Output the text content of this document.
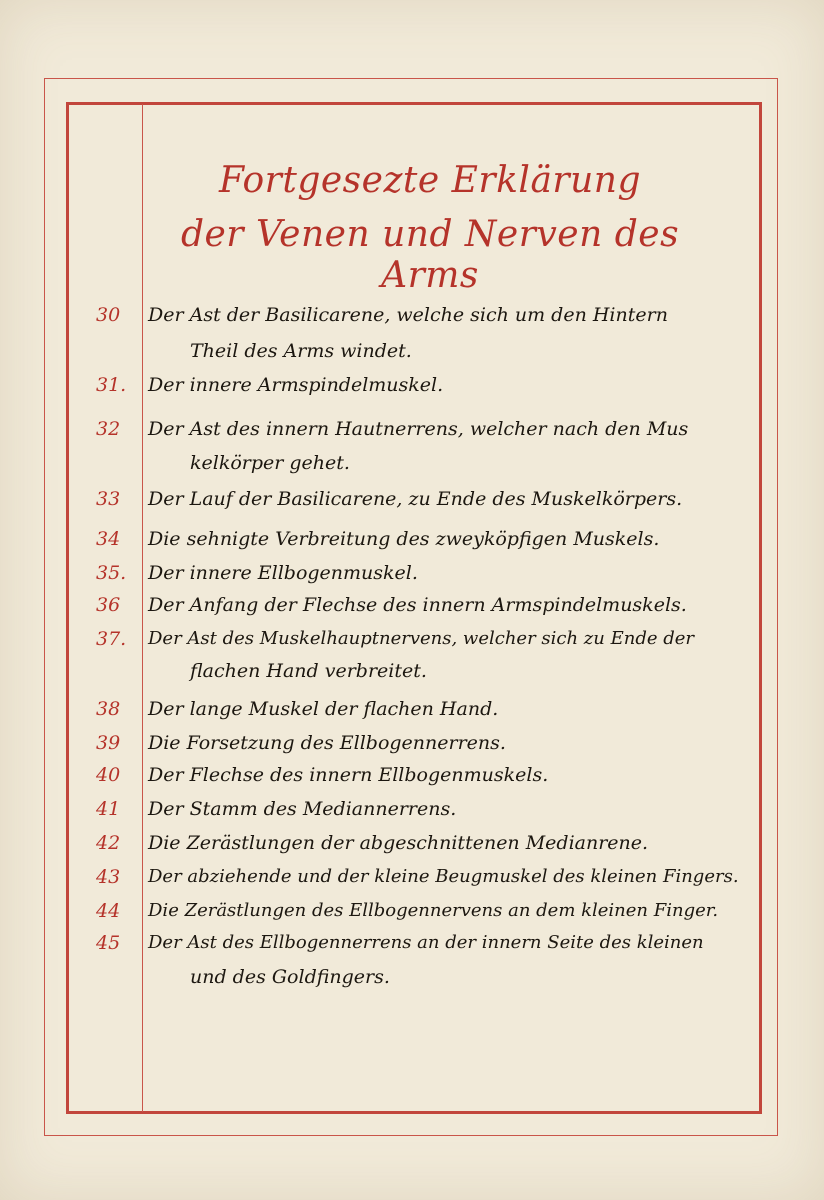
Fortgesezte Erklärung
der Venen und Nerven des Arms
30	Der Ast der Basilicarene, welche sich um den Hintern
Theil des Arms windet.
31.	Der innere Armspindelmuskel.
32	Der Ast des innern Hautnerrens, welcher nach den Mus
kelkörper gehet.
33	Der Lauf der Basilicarene, zu Ende des Muskelkörpers.
34	Die sehnigte Verbreitung des zweyköpfigen Muskels.
35.	Der innere Ellbogenmuskel.
36	Der Anfang der Flechse des innern Armspindelmuskels.
37.	Der Ast des Muskelhauptnervens, welcher sich zu Ende der
flachen Hand verbreitet.
38	Der lange Muskel der flachen Hand.
39	Die Forsetzung des Ellbogennerrens.
40	Der Flechse des innern Ellbogenmuskels.
41	Der Stamm des Mediannerrens.
42	Die Zerästlungen der abgeschnittenen Medianrene.
43	Der abziehende und der kleine Beugmuskel des kleinen Fingers.
44	Die Zerästlungen des Ellbogennervens an dem kleinen Finger.
45	Der Ast des Ellbogennerrens an der innern Seite des kleinen
und des Goldfingers.
